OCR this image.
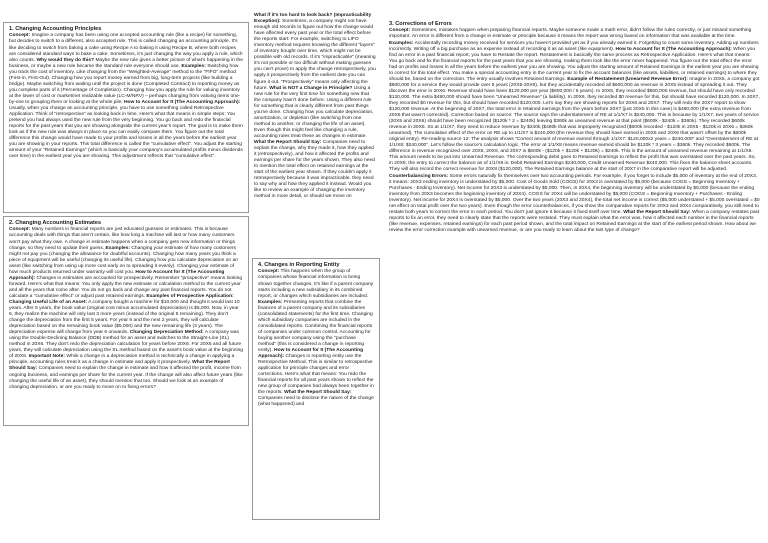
1. Changing Accounting Principles

Concept: Imagine a company has been using one accepted accounting rule (like a recipe) for something, but decides to switch to a different, also accepted rule. This is called changing an accounting principle. It's like deciding to switch from baking a cake using Recipe A to baking it using Recipe B, where both recipes are considered standard ways to bake a cake. Sometimes, it's just changing the way you apply a rule, which also counts. Why would they do this? Maybe the new rule gives a better picture of what's happening in the business, or maybe a new rule became the standard rule everyone should use. Examples: Switching how you track the cost of inventory. Like changing from the "Weighted-Average" method to the "FIFO" method (First-in, First-Out). Changing how you report money earned from big, long-term projects (like building a bridge). Maybe switching from waiting until the project is done (Completed Contract) to reporting money as you complete parts of it (Percentage of Completion). Changing how you apply the rule for valuing inventory at the lower of cost or market/net realizable value (LC-M/NRV) – perhaps changing from valuing items one-by-one to grouping them or looking at the whole pile. How to Account for It (The Accounting Approach): Usually, when you change an accounting principle, you have to use something called Retrospective Application. Think of "retrospective" as looking back in time. Here's what that means in simple steps: You pretend you had always used the new rule from the very beginning. You go back and redo the financial reports for the past years that you are showing alongside the current year's report. The goal is to make them look as if the new rule was always in place so you can easily compare them. You figure out the total difference this change would have made to your profits and losses in all the years before the earliest year you are showing in your reports. This total difference is called the "cumulative effect". You adjust the starting amount of your "Retained Earnings" (which is basically your company's accumulated profits minus dividends over time) in the earliest year you are showing. This adjustment reflects that "cumulative effect".

2. Changing Accounting Estimates

Concept: Many numbers in financial reports are just educated guesses or estimates. This is because accounting deals with things that aren't certain, like how long a machine will last or how many customers won't pay what they owe. A change in estimate happens when a company gets new information or things change, so they need to update their guess. Examples: Changing your estimate of how many customers might not pay you (changing the allowance for doubtful accounts). Changing how many years you think a piece of equipment will be useful (changing its useful life). Changing how you calculate depreciation on an asset (like switching from using up more cost early on to spreading it evenly). Changing your estimate of how much products returned under warranty will cost you. How to Account for It (The Accounting Approach): Changes in estimates are accounted for prospectively. Remember "prospective" means looking forward. Here's what that means: You only apply the new estimate or calculation method to the current year and all the years that come after. You do not go back and change any past financial reports. You do not calculate a "cumulative effect" or adjust past retained earnings. Examples of Prospective Application: Changing Useful Life of an Asset: A company bought a machine for $10,000 and thought it would last 10 years. After 5 years, the book value (original cost minus accumulated depreciation) is $5,000. Now, in year 6, they realize the machine will only last 3 more years (instead of the original 5 remaining). They don't change the depreciation from the first 5 years. For year 6 and the next 2 years, they will calculate depreciation based on the remaining book value ($5,000) and the new remaining life (3 years). The depreciation expense will change from year 6 onwards. Changing Depreciation Method: A company was using the Double-Declining Balance (DDB) method for an asset and switches to the Straight-Line (SL) method in 20X6. They don't redo the depreciation calculation for years before 20X6. For 20X6 and all future years, they will calculate depreciation using the SL method based on the asset's book value at the beginning of 20X6. Important Note: While a change in a depreciation method is technically a change in applying a principle, accounting rules treat it as a change in estimate and apply it prospectively. What the Report Should Say: Companies need to explain the change in estimate and how it affected the profit, income from ongoing business, and earnings per share for the current year. If the change will also affect future years (like changing the useful life of an asset), they should mention that too. Should we look at an example of changing depreciation, or are you ready to move on to fixing errors?

What if it's too hard to look back? (Impracticability Exception): Sometimes, a company might not have enough old records to figure out how the change would have affected every past year or the total effect before the reports start. For example, switching to LIFO inventory method requires knowing the different "layers" of inventory bought over time, which might not be possible with old records. If it's "impracticable" (meaning it's not possible or too difficult without making guesses you can't prove) to apply the change retrospectively, you apply it prospectively from the earliest date you can figure it out. "Prospectively" means only affecting the future. What is NOT a Change in Principle? Using a new rule for the very first time for something new that the company hasn't done before. Using a different rule for something that is clearly different from past things you've done. Changing how you calculate depreciation, amortization, or depletion (like switching from one method to another, or changing the life of an asset). Even though this might feel like changing a rule, accounting rules treat these as changes in estimate. What the Report Should Say: Companies need to explain the change, why they made it, how they applied it (retrospectively), and how it affected the profits and earnings per share for the years shown. They also need to mention the total effect on retained earnings at the start of the earliest year shown. If they couldn't apply it retrospectively because it was impracticable, they need to say why and how they applied it instead. Would you like to review an example of changing the inventory method in more detail, or should we move on

4. Changes in Reporting Entity

Concept: This happens when the group of companies whose financial information is being shown together changes. It's like if a parent company starts including a new subsidiary in its combined report, or changes which subsidiaries are included. Examples: Presenting reports that combine the finances of a parent company and its subsidiaries (consolidated statements) for the first time. Changing which subsidiary companies are included in the consolidated reports. Combining the financial reports of companies under common control. Accounting for buying another company using the "purchase method" (this is considered a change in reporting entity). How to Account for It (The Accounting Approach): Changes in reporting entity use the Retrospective Method. This is similar to retrospective application for principle changes and error corrections. Here's what that means: You redo the financial reports for all past years shown to reflect the new group of companies had always been together in the reports. What the Report Should Say: Companies need to disclose the nature of the change (what happened) and

3. Corrections of Errors

Concept: Sometimes, mistakes happen when preparing financial reports. Maybe someone made a math error, didn't follow the rules correctly, or just missed something important. An error is different from a change in estimate or principle because it means the report was wrong based on information that was available at the time. Examples: Accidentally recording money received for services you haven't provided yet as if you already earned it. Forgetting to count some inventory. Adding up numbers incorrectly. Writing off a big purchase as an expense instead of recording it as an asset (like equipment). How to Account for It (The Accounting Approach): When you find an error in a past financial report, you have to Restate the report. Restatement is basically the same process as Retrospective Application. Here's what that means: You go back and fix the financial reports for the past years that you are showing, making them look like the error never happened. You figure out the total effect the error had on profits and losses in all the years before the earliest year you are showing. You adjust the starting amount of Retained Earnings in the earliest year you are showing to correct for this total effect. You make a special accounting entry in the current year to fix the account balances (like assets, liabilities, or retained earnings) to where they should be, based on the correction. The entry usually involves Retained Earnings. Example of Restatement (Unearned Revenue Error): Imagine in 20X5, a company got $600,000 for a service they would provide over 5 years (20X5-20X9), but they accidentally recorded all $600,000 as revenue in 20X5 instead of spreading it out. They discover the error in 20X6. Revenue should have been $120,000 per year ($600,000 / 5 years). In 20X5, they recorded $600,000 revenue, but should have only recorded $120,000. The extra $480,000 should have been "Unearned Revenue" (a liability). In 20X6, they recorded $0 revenue for this, but should have recorded $120,000. In 20X7, they recorded $0 revenue for this, but should have recorded $120,000. Let's say they are showing reports for 20X6 and 20X7. They will redo the 20X7 report to show $120,000 revenue. At the beginning of 20X7, the total error in retained earnings from the years before 20X7 (just 20X5 in this case) is $480,000 (the extra revenue from 20X5 that wasn't corrected). Correction based on source: The source says the understatement of RE at 1/1/X7 is $240,000. This is because by 1/1/X7, two years of service (20X5 and 20X6) should have been recognized ($120k * 2 = $240k) leaving $360k as unearned revenue at that point ($600k - $240k = $360k). They recorded $600k revenue in 20X5. So at 1/1/X7, they need to reduce revenue by $240k ($480k that was improperly recognized ($600k recorded - $120k in 20X5 - $120k in 20X6 = $360k unearned). The cumulative effect of the error on RE up to 1/1/X7 is $240,000 (the revenue they should have earned in 20X5 and 20X6 that wasn't offset by the $600k original entry). Re-reading source 12: The analysis shows "Correct amount of revenue earned through 1/1/X7: $120,000x2 years = $240,000" and "Overstatement of RE at 1/1/X8: $240,000". Let's follow the source's calculation logic. The error at 1/1/X8 means revenue earned should be $120k * 3 years = $360k. They recorded $600k. The difference in revenue recognized over 20X5, 20X6, and 20X7 is $600k - ($120k + $120k + $120k) = $240k. This is the amount of unearned revenue remaining at 1/1/X8. This amount needs to be put into Unearned Revenue. The corresponding debit goes to Retained Earnings to reflect the profit that was overstated over the past years. So, in 20X8, the entry to correct the balance as of 1/1/X8 is: Debit Retained Earnings $240,000, Credit Unearned Revenue $240,000. This fixes the balance sheet accounts. They will also record the correct revenue for 20X8 ($120,000). The Retained Earnings balance at the start of 20X7 in the comparative report will be adjusted. Counterbalancing Errors: Some errors naturally fix themselves over two accounting periods. For example, if you forget to include $5,000 of inventory at the end of 20X3, it means: 20X3 ending inventory is understated by $5,000. Cost of Goods Sold (COGS) for 20X3 is overstated by $5,000 (because COGS = Beginning Inventory + Purchases - Ending Inventory). Net income for 20X3 is understated by $5,000. Then, in 20X4, the beginning inventory will be understated by $5,000 (because the ending inventory from 20X3 becomes the beginning inventory of 20X4). COGS for 20X4 will be understated by $5,000 (COGS = Beginning Inventory + Purchases - Ending Inventory). Net income for 20X4 is overstated by $5,000. Over the two years (20X3 and 20X4), the total net income is correct ($5,000 understated + $5,000 overstated = $0 net effect on total profit over the two years). Even though the error counterbalances, if you show the comparative reports for 20X3 and 20X4 comparatively, you still need to restate both years to correct the error in each period. You don't just ignore it because it fixed itself over time. What the Report Should Say: When a company restates past reports to fix an error, they need to clearly state that the reports were restated. They must explain what the error was, how it affected each number in the financial reports (like revenue, expenses, retained earnings) for each past period shown, and the total impact on Retained Earnings at the start of the earliest period shown. How about we review the error correction example with unearned revenue, or are you ready to learn about the last type of change?
